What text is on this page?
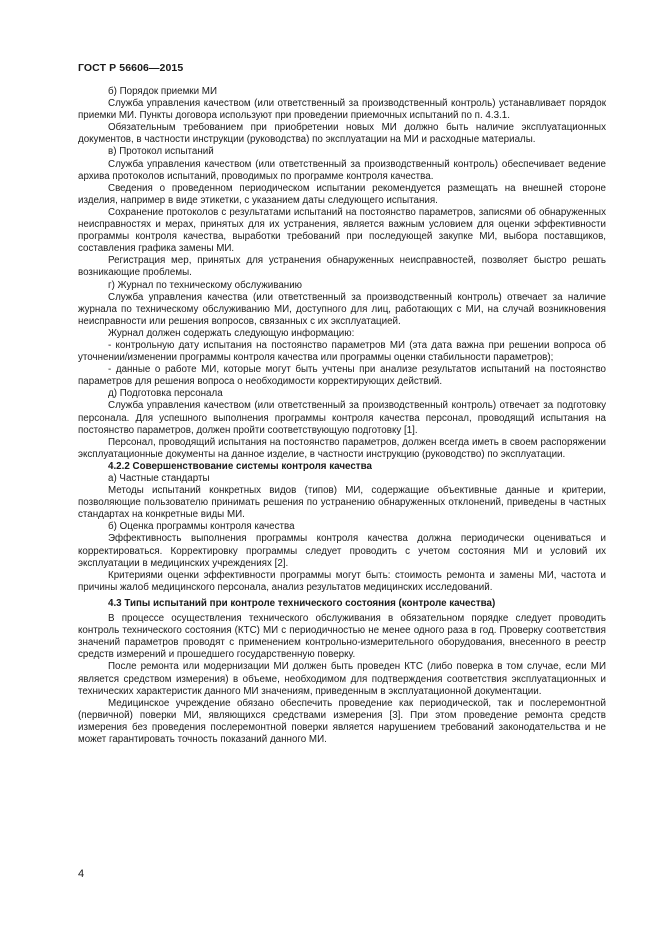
ГОСТ Р 56606—2015

б) Порядок приемки МИ

Служба управления качеством (или ответственный за производственный контроль) устанавливает порядок приемки МИ. Пункты договора используют при проведении приемочных испытаний по п. 4.3.1.

Обязательным требованием при приобретении новых МИ должно быть наличие эксплуатационных документов, в частности инструкции (руководства) по эксплуатации на МИ и расходные материалы.

в) Протокол испытаний

Служба управления качеством (или ответственный за производственный контроль) обеспечивает ведение архива протоколов испытаний, проводимых по программе контроля качества.

Сведения о проведенном периодическом испытании рекомендуется размещать на внешней стороне изделия, например в виде этикетки, с указанием даты следующего испытания.

Сохранение протоколов с результатами испытаний на постоянство параметров, записями об обнаруженных неисправностях и мерах, принятых для их устранения, является важным условием для оценки эффективности программы контроля качества, выработки требований при последующей закупке МИ, выбора поставщиков, составления графика замены МИ.

Регистрация мер, принятых для устранения обнаруженных неисправностей, позволяет быстро решать возникающие проблемы.

г) Журнал по техническому обслуживанию

Служба управления качества (или ответственный за производственный контроль) отвечает за наличие журнала по техническому обслуживанию МИ, доступного для лиц, работающих с МИ, на случай возникновения неисправности или решения вопросов, связанных с их эксплуатацией.

Журнал должен содержать следующую информацию:

- контрольную дату испытания на постоянство параметров МИ (эта дата важна при решении вопроса об уточнении/изменении программы контроля качества или программы оценки стабильности параметров);

- данные о работе МИ, которые могут быть учтены при анализе результатов испытаний на постоянство параметров для решения вопроса о необходимости корректирующих действий.

д) Подготовка персонала

Служба управления качеством (или ответственный за производственный контроль) отвечает за подготовку персонала. Для успешного выполнения программы контроля качества персонал, проводящий испытания на постоянство параметров, должен пройти соответствующую подготовку [1].

Персонал, проводящий испытания на постоянство параметров, должен всегда иметь в своем распоряжении эксплуатационные документы на данное изделие, в частности инструкцию (руководство) по эксплуатации.

4.2.2 Совершенствование системы контроля качества

а) Частные стандарты

Методы испытаний конкретных видов (типов) МИ, содержащие объективные данные и критерии, позволяющие пользователю принимать решения по устранению обнаруженных отклонений, приведены в частных стандартах на конкретные виды МИ.

б) Оценка программы контроля качества

Эффективность выполнения программы контроля качества должна периодически оцениваться и корректироваться. Корректировку программы следует проводить с учетом состояния МИ и условий их эксплуатации в медицинских учреждениях [2].

Критериями оценки эффективности программы могут быть: стоимость ремонта и замены МИ, частота и причины жалоб медицинского персонала, анализ результатов медицинских исследований.

4.3 Типы испытаний при контроле технического состояния (контроле качества)

В процессе осуществления технического обслуживания в обязательном порядке следует проводить контроль технического состояния (КТС) МИ с периодичностью не менее одного раза в год. Проверку соответствия значений параметров проводят с применением контрольно-измерительного оборудования, внесенного в реестр средств измерений и прошедшего государственную поверку.

После ремонта или модернизации МИ должен быть проведен КТС (либо поверка в том случае, если МИ является средством измерения) в объеме, необходимом для подтверждения соответствия эксплуатационных и технических характеристик данного МИ значениям, приведенным в эксплуатационной документации.

Медицинское учреждение обязано обеспечить проведение как периодической, так и послеремонтной (первичной) поверки МИ, являющихся средствами измерения [3]. При этом проведение ремонта средств измерения без проведения послеремонтной поверки является нарушением требований законодательства и не может гарантировать точность показаний данного МИ.

4
